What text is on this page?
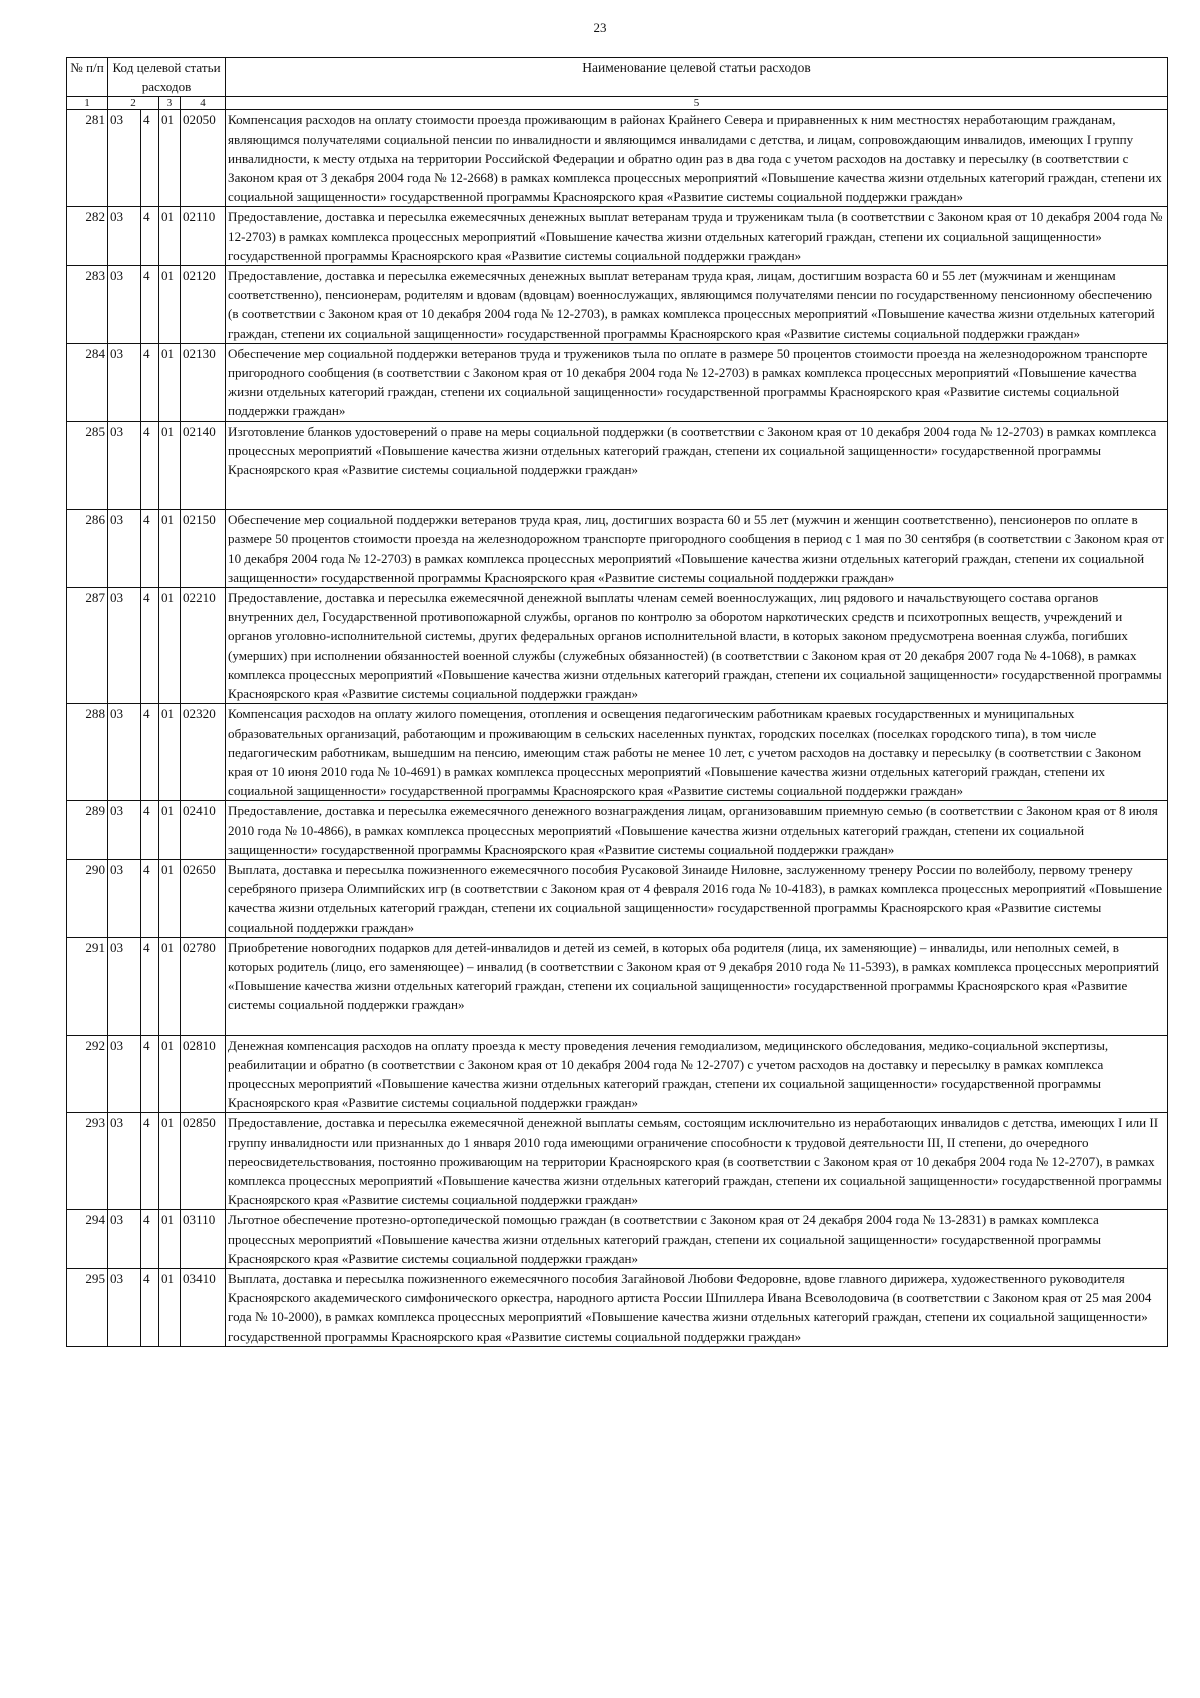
23
№ п/п	Код целевой статьи расходов				Наименование целевой статьи расходов

1	2		3	4	5
281	03	4	01	02050	Компенсация расходов на оплату стоимости проезда проживающим в районах Крайнего Севера и приравненных к ним местностях неработающим гражданам, являющимся получателями социальной пенсии по инвалидности и являющимся инвалидами с детства, и лицам, сопровождающим инвалидов, имеющих I группу инвалидности, к месту отдыха на территории Российской Федерации и обратно один раз в два года с учетом расходов на доставку и пересылку (в соответствии с Законом края от 3 декабря 2004 года № 12-2668) в рамках комплекса процессных мероприятий «Повышение качества жизни отдельных категорий граждан, степени их социальной защищенности» государственной программы Красноярского края «Развитие системы социальной поддержки граждан»
282	03	4	01	02110	Предоставление, доставка и пересылка ежемесячных денежных выплат ветеранам труда и труженикам тыла (в соответствии с Законом края от 10 декабря 2004 года № 12-2703) в рамках комплекса процессных мероприятий «Повышение качества жизни отдельных категорий граждан, степени их социальной защищенности» государственной программы Красноярского края «Развитие системы социальной поддержки граждан»
283	03	4	01	02120	Предоставление, доставка и пересылка ежемесячных денежных выплат ветеранам труда края, лицам, достигшим возраста 60 и 55 лет (мужчинам и женщинам соответственно), пенсионерам, родителям и вдовам (вдовцам) военнослужащих, являющимся получателями пенсии по государственному пенсионному обеспечению (в соответствии с Законом края от 10 декабря 2004 года № 12-2703), в рамках комплекса процессных мероприятий «Повышение качества жизни отдельных категорий граждан, степени их социальной защищенности» государственной программы Красноярского края «Развитие системы социальной поддержки граждан»
284	03	4	01	02130	Обеспечение мер социальной поддержки ветеранов труда и тружеников тыла по оплате в размере 50 процентов стоимости проезда на железнодорожном транспорте пригородного сообщения (в соответствии с Законом края от 10 декабря 2004 года № 12-2703) в рамках комплекса процессных мероприятий «Повышение качества жизни отдельных категорий граждан, степени их социальной защищенности» государственной программы Красноярского края «Развитие системы социальной поддержки граждан»
285	03	4	01	02140	Изготовление бланков удостоверений о праве на меры социальной поддержки (в соответствии с Законом края от 10 декабря 2004 года № 12-2703) в рамках комплекса процессных мероприятий «Повышение качества жизни отдельных категорий граждан, степени их социальной защищенности» государственной программы Красноярского края «Развитие системы социальной поддержки граждан»
286	03	4	01	02150	Обеспечение мер социальной поддержки ветеранов труда края, лиц, достигших возраста 60 и 55 лет (мужчин и женщин соответственно), пенсионеров по оплате в размере 50 процентов стоимости проезда на железнодорожном транспорте пригородного сообщения в период с 1 мая по 30 сентября (в соответствии с Законом края от 10 декабря 2004 года № 12-2703) в рамках комплекса процессных мероприятий «Повышение качества жизни отдельных категорий граждан, степени их социальной защищенности» государственной программы Красноярского края «Развитие системы социальной поддержки граждан»
287	03	4	01	02210	Предоставление, доставка и пересылка ежемесячной денежной выплаты членам семей военнослужащих, лиц рядового и начальствующего состава органов внутренних дел, Государственной противопожарной службы, органов по контролю за оборотом наркотических средств и психотропных веществ, учреждений и органов уголовно-исполнительной системы, других федеральных органов исполнительной власти, в которых законом предусмотрена военная служба, погибших (умерших) при исполнении обязанностей военной службы (служебных обязанностей) (в соответствии с Законом края от 20 декабря 2007 года № 4-1068), в рамках комплекса процессных мероприятий «Повышение качества жизни отдельных категорий граждан, степени их социальной защищенности» государственной программы Красноярского края «Развитие системы социальной поддержки граждан»
288	03	4	01	02320	Компенсация расходов на оплату жилого помещения, отопления и освещения педагогическим работникам краевых государственных и муниципальных образовательных организаций, работающим и проживающим в сельских населенных пунктах, городских поселках (поселках городского типа), в том числе педагогическим работникам, вышедшим на пенсию, имеющим стаж работы не менее 10 лет, с учетом расходов на доставку и пересылку (в соответствии с Законом края от 10 июня 2010 года № 10-4691) в рамках комплекса процессных мероприятий «Повышение качества жизни отдельных категорий граждан, степени их социальной защищенности» государственной программы Красноярского края «Развитие системы социальной поддержки граждан»
289	03	4	01	02410	Предоставление, доставка и пересылка ежемесячного денежного вознаграждения лицам, организовавшим приемную семью (в соответствии с Законом края от 8 июля 2010 года № 10-4866), в рамках комплекса процессных мероприятий «Повышение качества жизни отдельных категорий граждан, степени их социальной защищенности» государственной программы Красноярского края «Развитие системы социальной поддержки граждан»
290	03	4	01	02650	Выплата, доставка и пересылка пожизненного ежемесячного пособия Русаковой Зинаиде Ниловне, заслуженному тренеру России по волейболу, первому тренеру серебряного призера Олимпийских игр (в соответствии с Законом края от 4 февраля 2016 года № 10-4183), в рамках комплекса процессных мероприятий «Повышение качества жизни отдельных категорий граждан, степени их социальной защищенности» государственной программы Красноярского края «Развитие системы социальной поддержки граждан»
291	03	4	01	02780	Приобретение новогодних подарков для детей-инвалидов и детей из семей, в которых оба родителя (лица, их заменяющие) – инвалиды, или неполных семей, в которых родитель (лицо, его заменяющее) – инвалид (в соответствии с Законом края от 9 декабря 2010 года № 11-5393), в рамках комплекса процессных мероприятий «Повышение качества жизни отдельных категорий граждан, степени их социальной защищенности» государственной программы Красноярского края «Развитие системы социальной поддержки граждан»
292	03	4	01	02810	Денежная компенсация расходов на оплату проезда к месту проведения лечения гемодиализом, медицинского обследования, медико-социальной экспертизы, реабилитации и обратно (в соответствии с Законом края от 10 декабря 2004 года № 12-2707) с учетом расходов на доставку и пересылку в рамках комплекса процессных мероприятий «Повышение качества жизни отдельных категорий граждан, степени их социальной защищенности» государственной программы Красноярского края «Развитие системы социальной поддержки граждан»
293	03	4	01	02850	Предоставление, доставка и пересылка ежемесячной денежной выплаты семьям, состоящим исключительно из неработающих инвалидов с детства, имеющих I или II группу инвалидности или признанных до 1 января 2010 года имеющими ограничение способности к трудовой деятельности III, II степени, до очередного переосвидетельствования, постоянно проживающим на территории Красноярского края (в соответствии с Законом края от 10 декабря 2004 года № 12-2707), в рамках комплекса процессных мероприятий «Повышение качества жизни отдельных категорий граждан, степени их социальной защищенности» государственной программы Красноярского края «Развитие системы социальной поддержки граждан»
294	03	4	01	03110	Льготное обеспечение протезно-ортопедической помощью граждан (в соответствии с Законом края от 24 декабря 2004 года № 13-2831) в рамках комплекса процессных мероприятий «Повышение качества жизни отдельных категорий граждан, степени их социальной защищенности» государственной программы Красноярского края «Развитие системы социальной поддержки граждан»
295	03	4	01	03410	Выплата, доставка и пересылка пожизненного ежемесячного пособия Загайновой Любови Федоровне, вдове главного дирижера, художественного руководителя Красноярского академического симфонического оркестра, народного артиста России Шпиллера Ивана Всеволодовича (в соответствии с Законом края от 25 мая 2004 года № 10-2000), в рамках комплекса процессных мероприятий «Повышение качества жизни отдельных категорий граждан, степени их социальной защищенности» государственной программы Красноярского края «Развитие системы социальной поддержки граждан»
